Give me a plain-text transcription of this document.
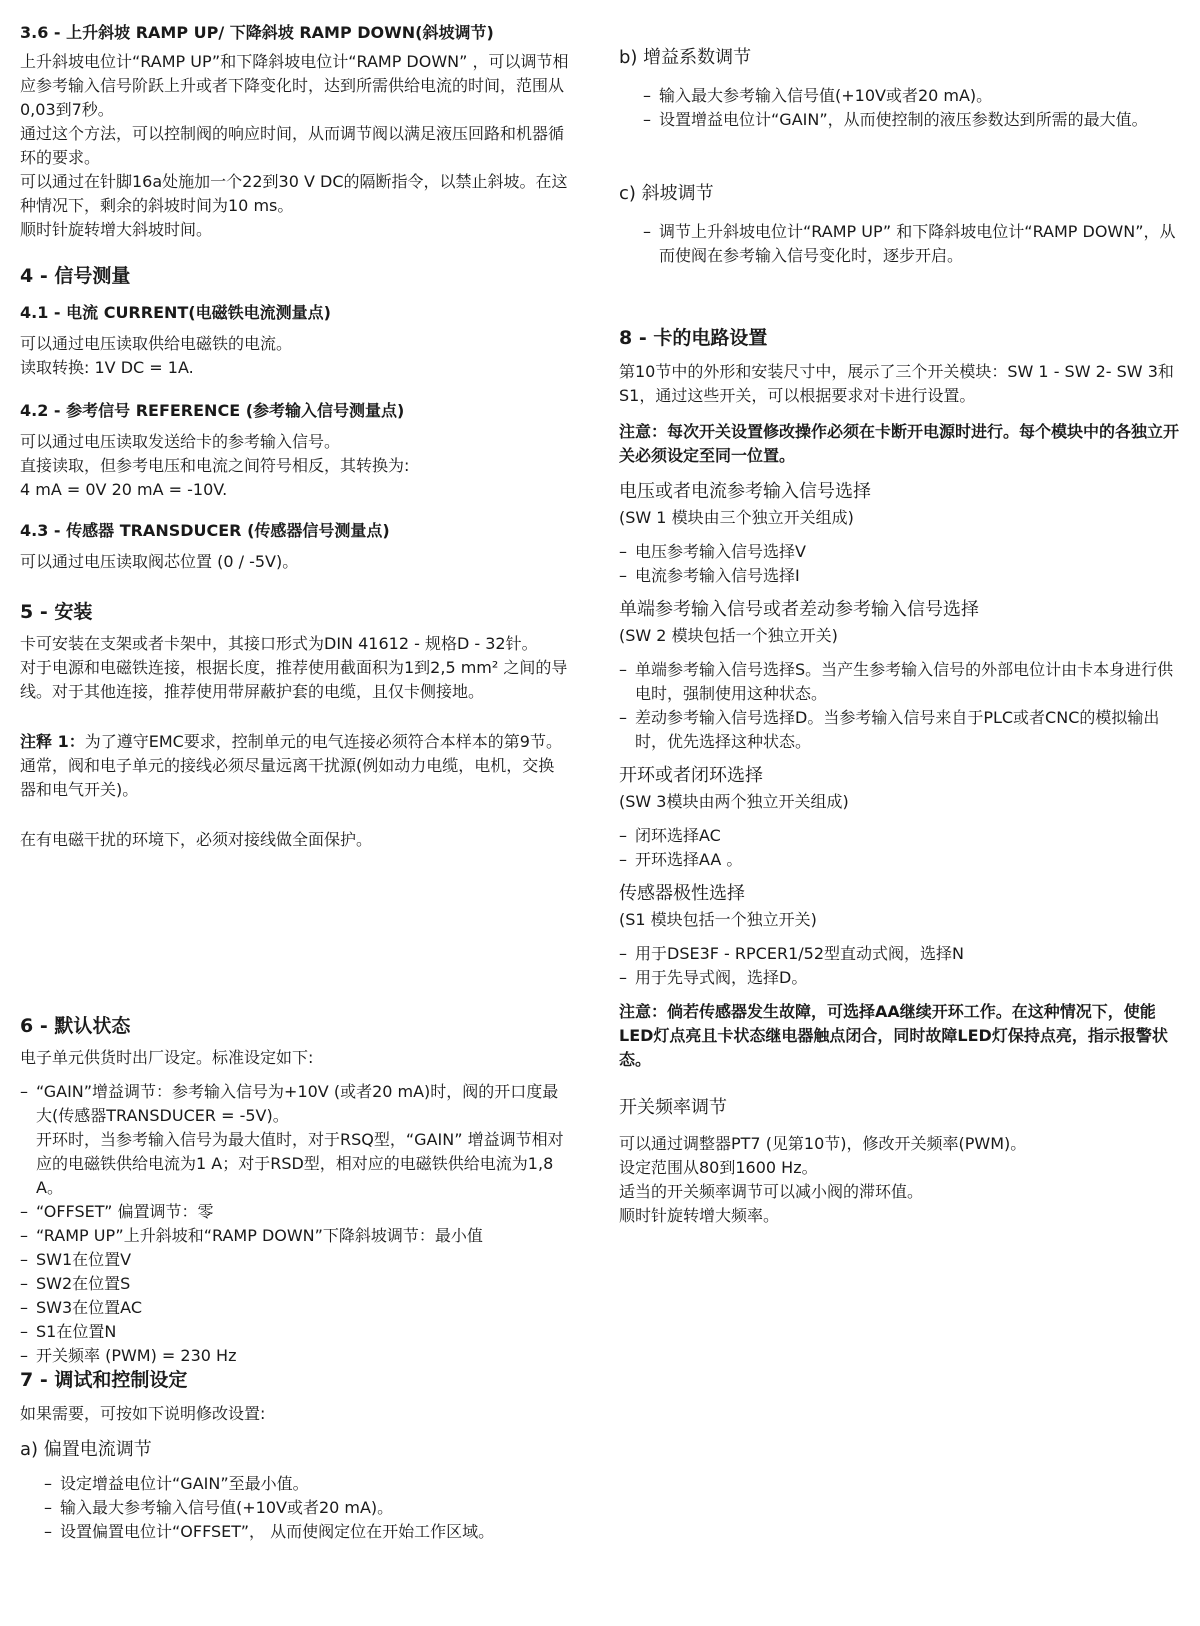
3.6 - 上升斜坡 RAMP UP/ 下降斜坡 RAMP DOWN(斜坡调节)
上升斜坡电位计“RAMP UP”和下降斜坡电位计“RAMP DOWN” ，可以调节相应参考输入信号阶跃上升或者下降变化时，达到所需供给电流的时间，范围从0,03到7秒。
通过这个方法，可以控制阀的响应时间，从而调节阀以满足液压回路和机器循环的要求。
可以通过在针脚16a处施加一个22到30 V DC的隔断指令，以禁止斜坡。在这种情况下，剩余的斜坡时间为10 ms。
顺时针旋转增大斜坡时间。
4 - 信号测量
4.1 - 电流 CURRENT(电磁铁电流测量点)
可以通过电压读取供给电磁铁的电流。
读取转换: 1V DC = 1A.
4.2 - 参考信号 REFERENCE (参考输入信号测量点)
可以通过电压读取发送给卡的参考输入信号。
直接读取，但参考电压和电流之间符号相反，其转换为:
4 mA = 0V 20 mA = -10V.
4.3 - 传感器 TRANSDUCER (传感器信号测量点)
可以通过电压读取阀芯位置 (0 / -5V)。
5 - 安装
卡可安装在支架或者卡架中，其接口形式为DIN 41612 - 规格D - 32针。
对于电源和电磁铁连接，根据长度，推荐使用截面积为1到2,5 mm² 之间的导线。对于其他连接，推荐使用带屏蔽护套的电缆，且仅卡侧接地。
注释 1：为了遵守EMC要求，控制单元的电气连接必须符合本样本的第9节。
通常，阀和电子单元的接线必须尽量远离干扰源(例如动力电缆，电机，交换器和电气开关)。
在有电磁干扰的环境下，必须对接线做全面保护。
6 - 默认状态
电子单元供货时出厂设定。标准设定如下:
– “GAIN”增益调节：参考输入信号为+10V (或者20 mA)时，阀的开口度最大(传感器TRANSDUCER = -5V)。
开环时，当参考输入信号为最大值时，对于RSQ型，“GAIN” 增益调节相对应的电磁铁供给电流为1 A；对于RSD型，相对应的电磁铁供给电流为1,8 A。
– “OFFSET” 偏置调节：零
– “RAMP UP”上升斜坡和“RAMP DOWN”下降斜坡调节：最小值
– SW1在位置V
– SW2在位置S
– SW3在位置AC
– S1在位置N
– 开关频率 (PWM) = 230 Hz
7 - 调试和控制设定
如果需要，可按如下说明修改设置:
a) 偏置电流调节
– 设定增益电位计“GAIN”至最小值。
– 输入最大参考输入信号值(+10V或者20 mA)。
– 设置偏置电位计“OFFSET”， 从而使阀定位在开始工作区域。
b) 增益系数调节
– 输入最大参考输入信号值(+10V或者20 mA)。
– 设置增益电位计“GAIN”，从而使控制的液压参数达到所需的最大值。
c) 斜坡调节
– 调节上升斜坡电位计“RAMP UP” 和下降斜坡电位计“RAMP DOWN”，从而使阀在参考输入信号变化时，逐步开启。
8 - 卡的电路设置
第10节中的外形和安装尺寸中，展示了三个开关模块：SW 1 - SW 2- SW 3和S1，通过这些开关，可以根据要求对卡进行设置。
注意：每次开关设置修改操作必须在卡断开电源时进行。每个模块中的各独立开关必须设定至同一位置。
电压或者电流参考输入信号选择
(SW 1 模块由三个独立开关组成)
– 电压参考输入信号选择V
– 电流参考输入信号选择I
单端参考输入信号或者差动参考输入信号选择
(SW 2 模块包括一个独立开关)
– 单端参考输入信号选择S。当产生参考输入信号的外部电位计由卡本身进行供电时，强制使用这种状态。
– 差动参考输入信号选择D。当参考输入信号来自于PLC或者CNC的模拟输出时，优先选择这种状态。
开环或者闭环选择
(SW 3模块由两个独立开关组成)
– 闭环选择AC
– 开环选择AA 。
传感器极性选择
(S1 模块包括一个独立开关)
– 用于DSE3F - RPCER1/52型直动式阀，选择N
– 用于先导式阀，选择D。
注意：倘若传感器发生故障，可选择AA继续开环工作。在这种情况下，使能LED灯点亮且卡状态继电器触点闭合，同时故障LED灯保持点亮，指示报警状态。
开关频率调节
可以通过调整器PT7 (见第10节)，修改开关频率(PWM)。
设定范围从80到1600 Hz。
适当的开关频率调节可以减小阀的滞环值。
顺时针旋转增大频率。
